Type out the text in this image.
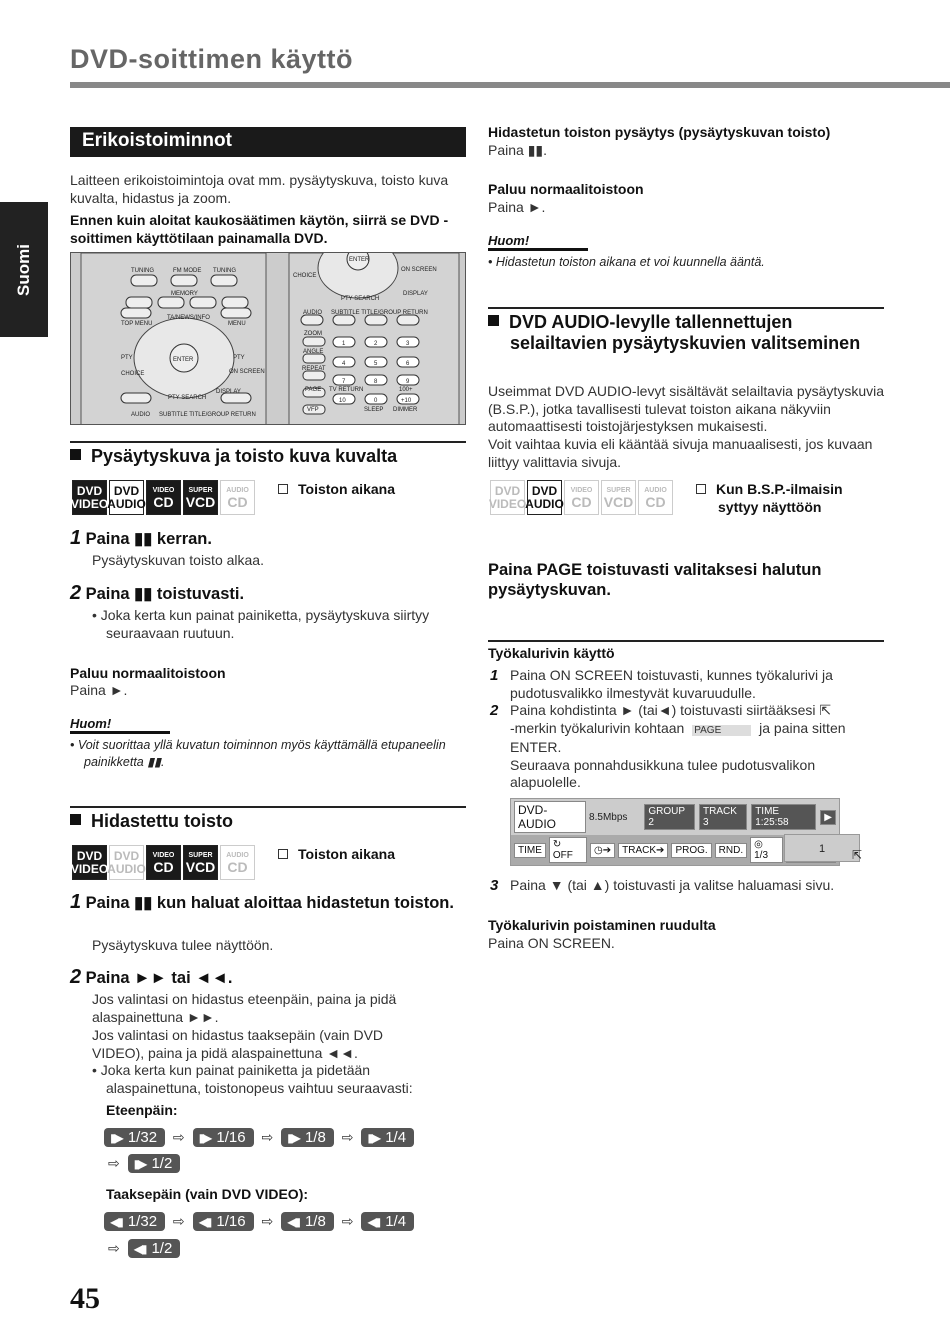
DVD-soittimen käyttö
Suomi
Erikoistoiminnot
Laitteen erikoistoimintoja ovat mm. pysäytyskuva, toisto kuva kuvalta, hidastus ja zoom.
Ennen kuin aloitat kaukosäätimen käytön, siirrä se DVD -soittimen käyttötilaan painamalla DVD.
TUNING	FM MODE TUNING
MEMORY
TA/NEWS/INFO
TOP MENU	MENU
PTY	PTY
CHOICE	ON SCREEN
PTY SEARCH
DISPLAY
AUDIO SUBTITLE TITLE/GROUP RETURN
ENTER
ENTER
CHOICE
ON SCREEN
PTY SEARCH
DISPLAY
AUDIO SUBTITLE TITLE/GROUP RETURN
ZOOM
ANGLE
REPEAT
PAGE TV RETURN	100+
VFP	SLEEP DIMMER
1	2	3
4	5	6
7	8	9
10	0	+10
Pysäytyskuva ja toisto kuva kuvalta
DVD
VIDEO
DVD
AUDIO
VIDEO
CD
SUPER
VCD
AUDIO
CD
Toiston aikana
1 Paina ▮▮ kerran.
Pysäytyskuvan toisto alkaa.
2 Paina ▮▮ toistuvasti.
• Joka kerta kun painat painiketta, pysäytyskuva siirtyy seuraavaan ruutuun.
Paluu normaalitoistoon
Paina ►.
Huom!
• Voit suorittaa yllä kuvatun toiminnon myös käyttämällä etupaneelin painikketta ▮▮.
Hidastettu toisto
DVD
VIDEO
DVD
AUDIO
VIDEO
CD
SUPER
VCD
AUDIO
CD
Toiston aikana
1 Paina ▮▮ kun haluat aloittaa hidastetun toiston.
Pysäytyskuva tulee näyttöön.
2 Paina ►► tai ◄◄.
Jos valintasi on hidastus eteenpäin, paina ja pidä alaspainettuna ►►.
Jos valintasi on hidastus taaksepäin (vain DVD VIDEO), paina ja pidä alaspainettuna ◄◄.
• Joka kerta kun painat painiketta ja pidetään alaspainettuna, toistonopeus vaihtuu seuraavasti:
Eteenpäin:
▮▶ 1/32 ⇨ ▮▶ 1/16 ⇨ ▮▶ 1/8 ⇨ ▮▶ 1/4
⇨ ▮▶ 1/2
Taaksepäin (vain DVD VIDEO):
◀▮ 1/32 ⇨ ◀▮ 1/16 ⇨ ◀▮ 1/8 ⇨ ◀▮ 1/4
⇨ ◀▮ 1/2
45
Hidastetun toiston pysäytys (pysäytyskuvan toisto)
Paina ▮▮.
Paluu normaalitoistoon
Paina ►.
Huom!
• Hidastetun toiston aikana et voi kuunnella ääntä.
DVD AUDIO-levylle tallennettujen selailtavien pysäytyskuvien valitseminen
Useimmat DVD AUDIO-levyt sisältävät selailtavia pysäytyskuvia (B.S.P.), jotka tavallisesti tulevat toiston aikana näkyviin automaattisesti toistojärjestyksen mukaisesti.
Voit vaihtaa kuvia eli kääntää sivuja manuaalisesti, jos kuvaan liittyy valittavia sivuja.
DVD
VIDEO
DVD
AUDIO
VIDEO
CD
SUPER
VCD
AUDIO
CD
Kun B.S.P.-ilmaisin syttyy näyttöön
Paina PAGE toistuvasti valitaksesi halutun pysäytyskuvan.
Työkalurivin käyttö
1 Paina ON SCREEN toistuvasti, kunnes työkalurivi ja pudotusvalikko ilmestyvät kuvaruudulle.
2 Paina kohdistinta ► (tai◄) toistuvasti siirtääksesi ⇱
-merkin työkalurivin kohtaan PAGE	ja paina sitten ENTER.
Seuraava ponnahdusikkuna tulee pudotusvalikon alapuolelle.
DVD-AUDIO	8.5Mbps	GROUP 2
TRACK 3
TIME 1:25:58	▶
TIME	↻ OFF	◷➔	TRACK➔	PROG.	RND.	◎ 1/3
1	⇱
3 Paina ▼ (tai ▲) toistuvasti ja valitse haluamasi sivu.
Työkalurivin poistaminen ruudulta
Paina ON SCREEN.
